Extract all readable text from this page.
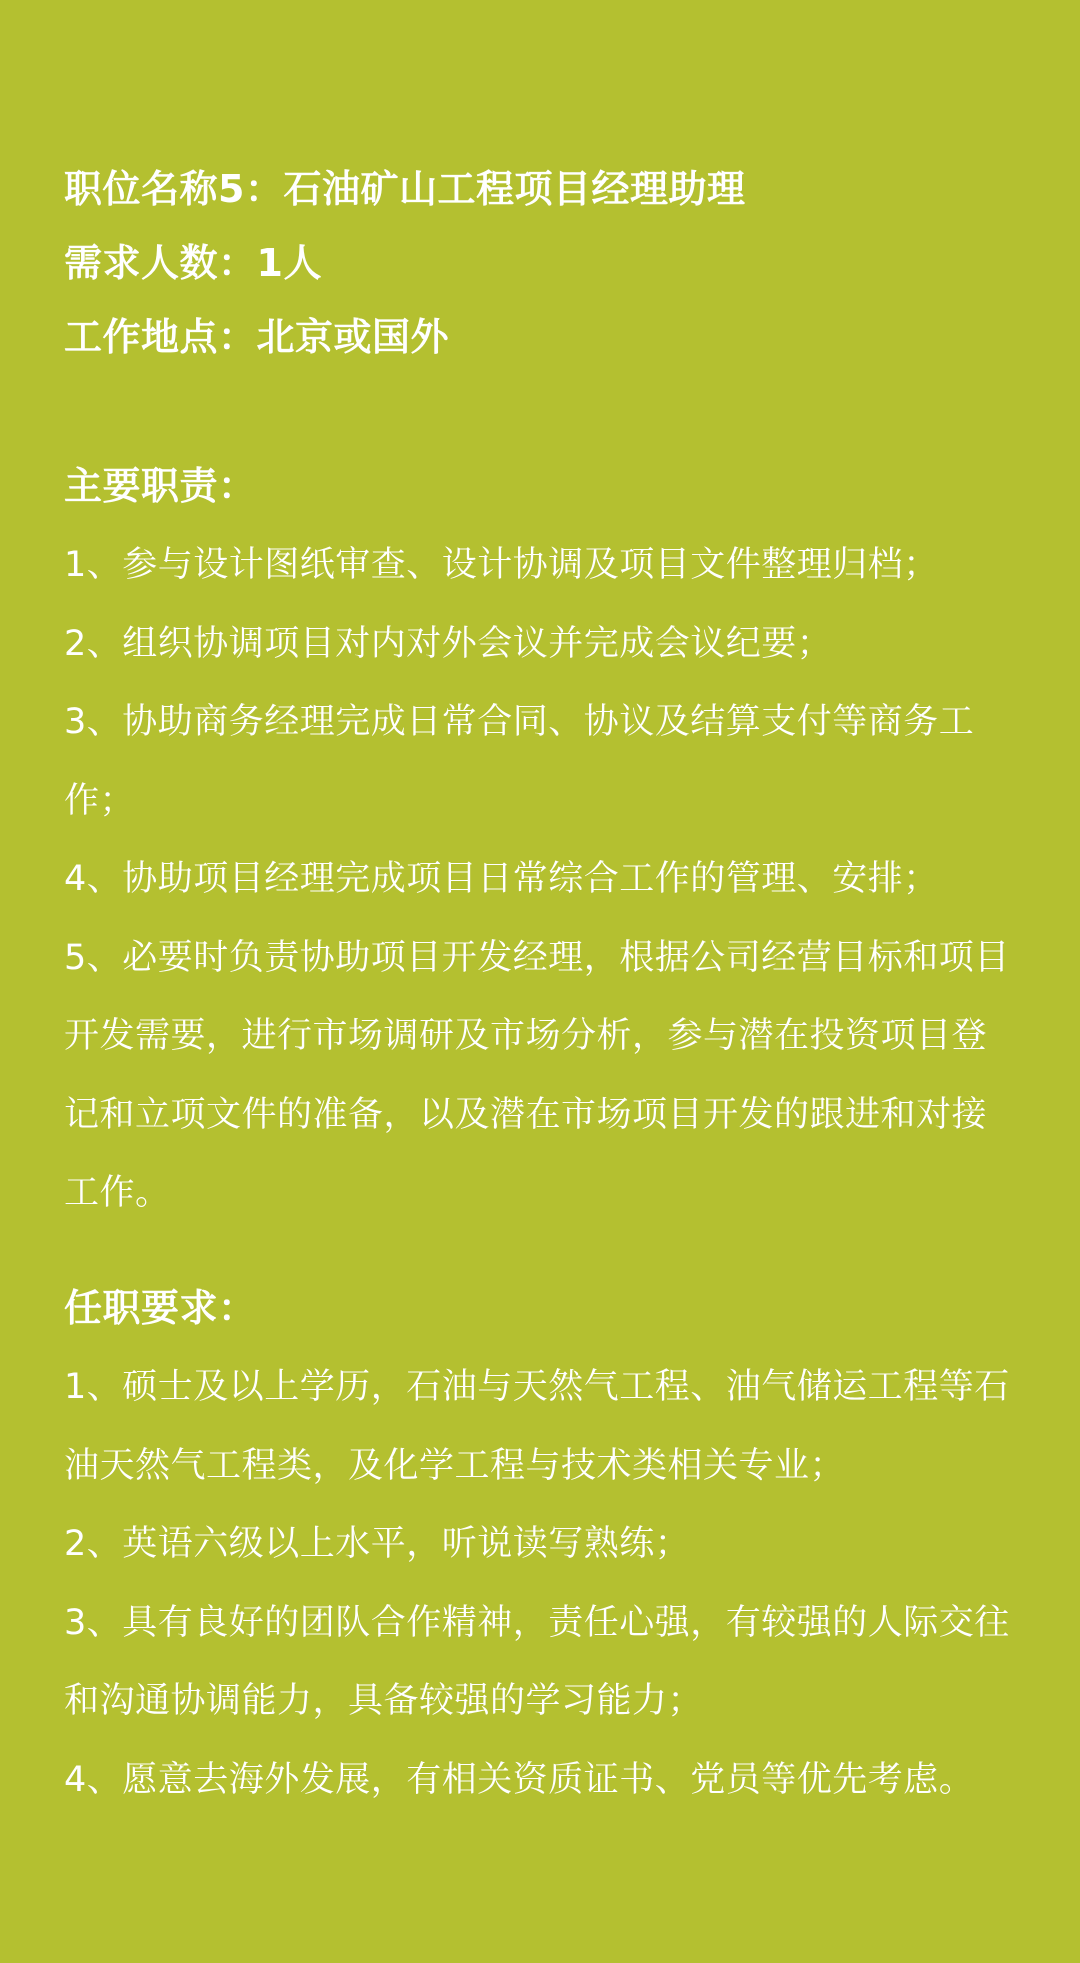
职位名称5：石油矿山工程项目经理助理
需求人数：1人
工作地点：北京或国外
主要职责：
1、参与设计图纸审查、设计协调及项目文件整理归档；
2、组织协调项目对内对外会议并完成会议纪要；
3、协助商务经理完成日常合同、协议及结算支付等商务工作；
4、协助项目经理完成项目日常综合工作的管理、安排；
5、必要时负责协助项目开发经理，根据公司经营目标和项目开发需要，进行市场调研及市场分析，参与潜在投资项目登记和立项文件的准备，以及潜在市场项目开发的跟进和对接工作。
任职要求：
1、硕士及以上学历，石油与天然气工程、油气储运工程等石油天然气工程类，及化学工程与技术类相关专业；
2、英语六级以上水平，听说读写熟练；
3、具有良好的团队合作精神，责任心强，有较强的人际交往和沟通协调能力，具备较强的学习能力；
4、愿意去海外发展，有相关资质证书、党员等优先考虑。
